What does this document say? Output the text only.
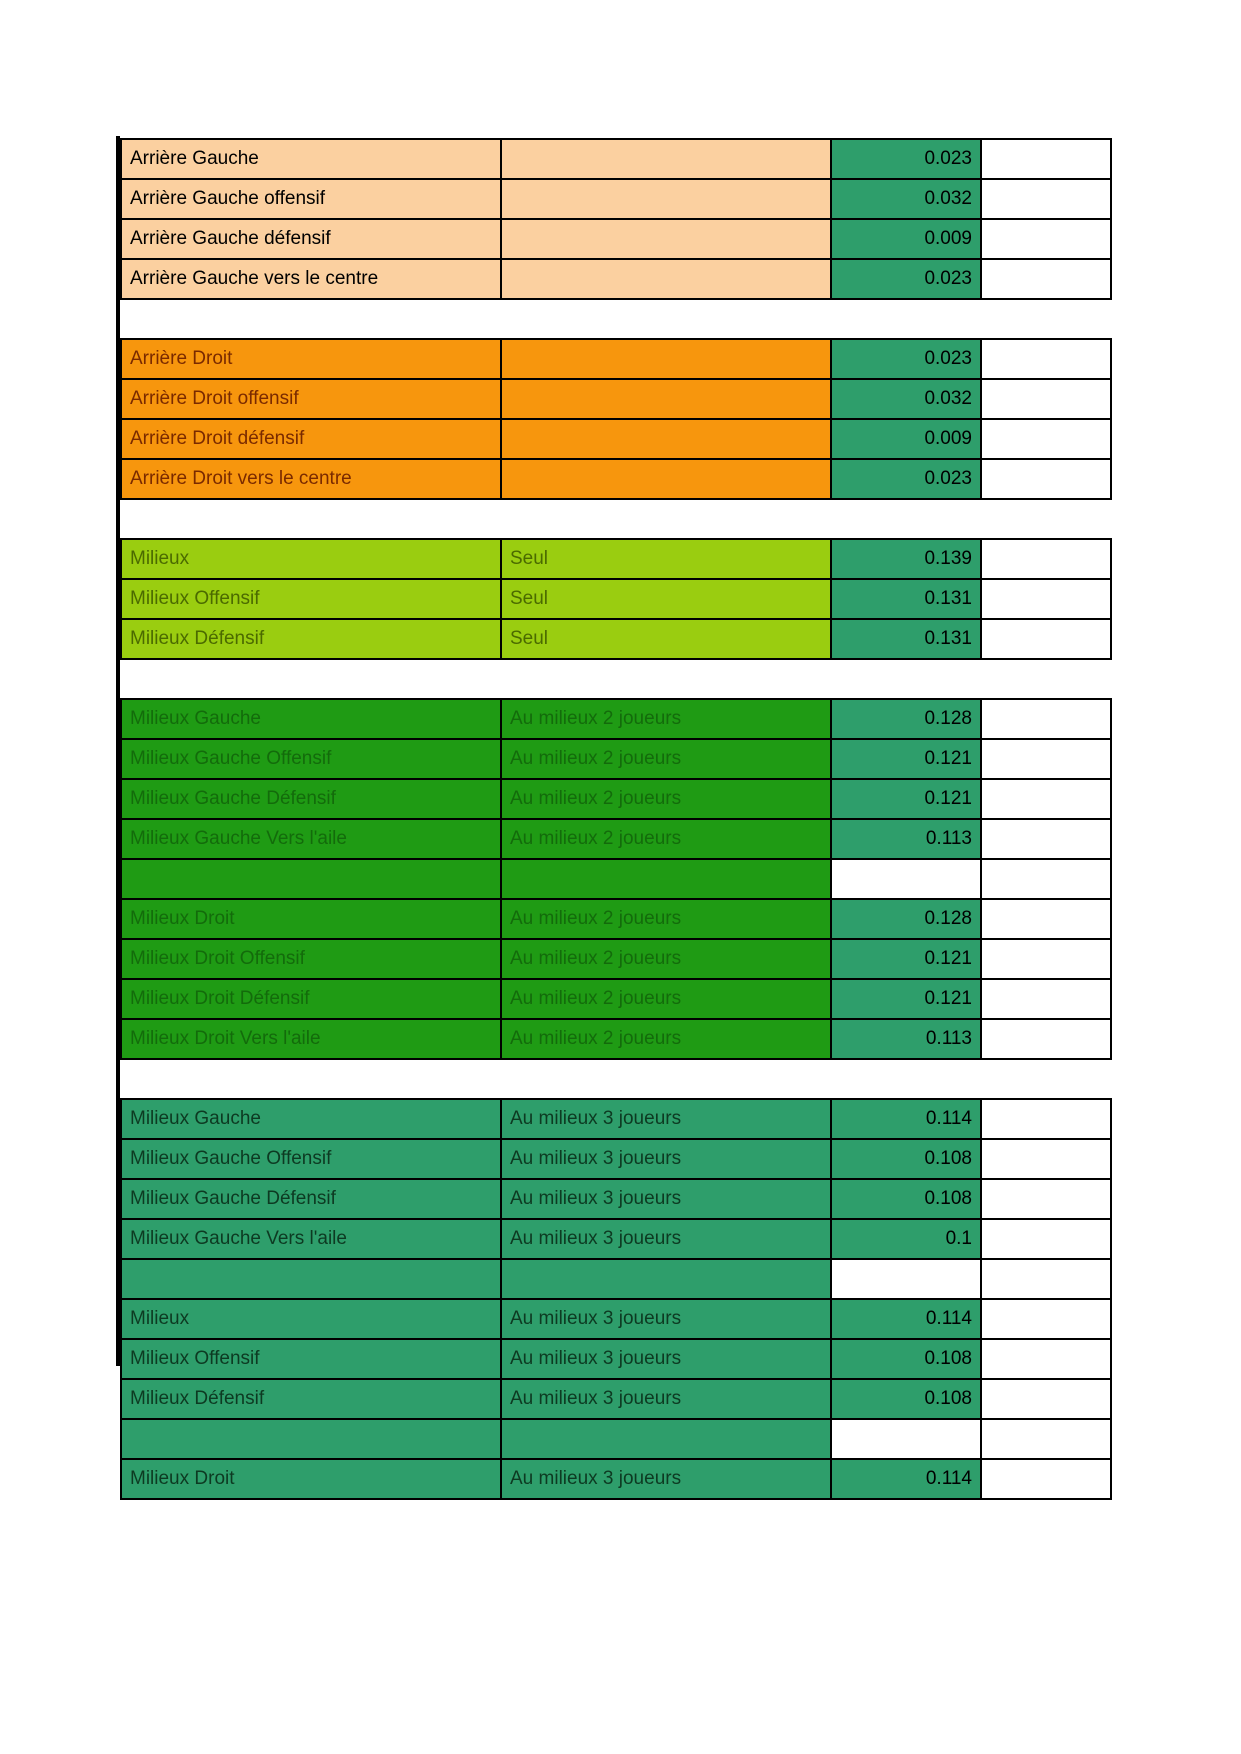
Arrière Gauche		0.023	
Arrière Gauche offensif		0.032	
Arrière Gauche défensif		0.009	
Arrière Gauche vers le centre		0.023	

Arrière Droit		0.023	
Arrière Droit offensif		0.032	
Arrière Droit défensif		0.009	
Arrière Droit vers le centre		0.023	

Milieux	Seul	0.139	
Milieux Offensif	Seul	0.131	
Milieux Défensif	Seul	0.131	

Milieux Gauche	Au milieux 2 joueurs	0.128	
Milieux Gauche Offensif	Au milieux 2 joueurs	0.121	
Milieux Gauche Défensif	Au milieux 2 joueurs	0.121	
Milieux Gauche Vers l'aile	Au milieux 2 joueurs	0.113	

Milieux Droit	Au milieux 2 joueurs	0.128	
Milieux Droit Offensif	Au milieux 2 joueurs	0.121	
Milieux Droit Défensif	Au milieux 2 joueurs	0.121	
Milieux Droit Vers l'aile	Au milieux 2 joueurs	0.113	

Milieux Gauche	Au milieux 3 joueurs	0.114	
Milieux Gauche Offensif	Au milieux 3 joueurs	0.108	
Milieux Gauche Défensif	Au milieux 3 joueurs	0.108	
Milieux Gauche Vers l'aile	Au milieux 3 joueurs	0.1	

Milieux	Au milieux 3 joueurs	0.114	
Milieux Offensif	Au milieux 3 joueurs	0.108	
Milieux Défensif	Au milieux 3 joueurs	0.108	

Milieux Droit	Au milieux 3 joueurs	0.114	
